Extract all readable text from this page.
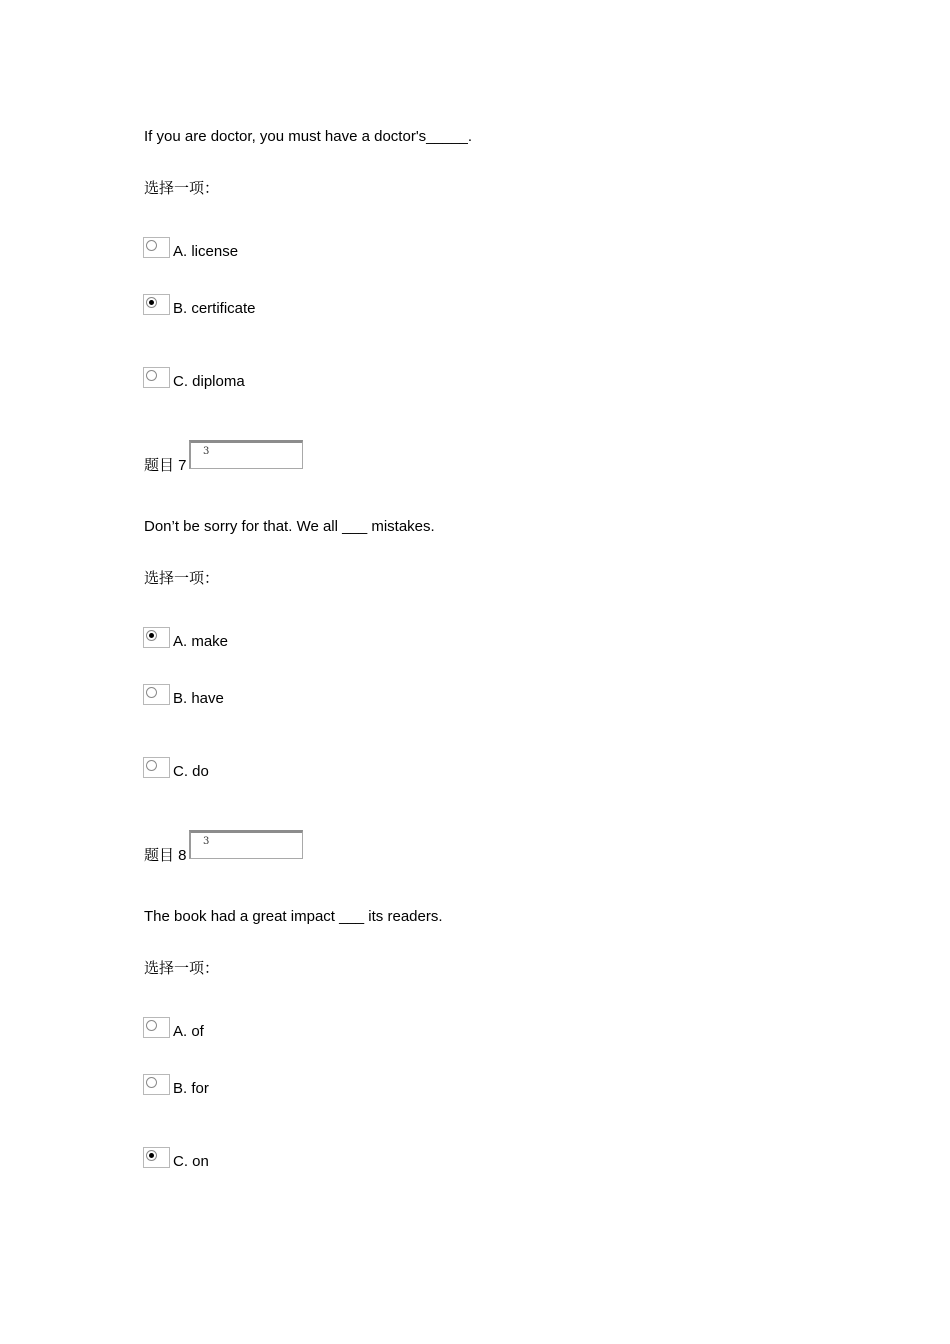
If you are doctor, you must have a doctor's_____.
选择一项：
A. license
B. certificate
C. diploma
题目 7
3
Don’t be sorry for that. We all ___ mistakes.
选择一项：
A. make
B. have
C. do
题目 8
3
The book had a great impact ___ its readers.
选择一项：
A. of
B. for
C. on
